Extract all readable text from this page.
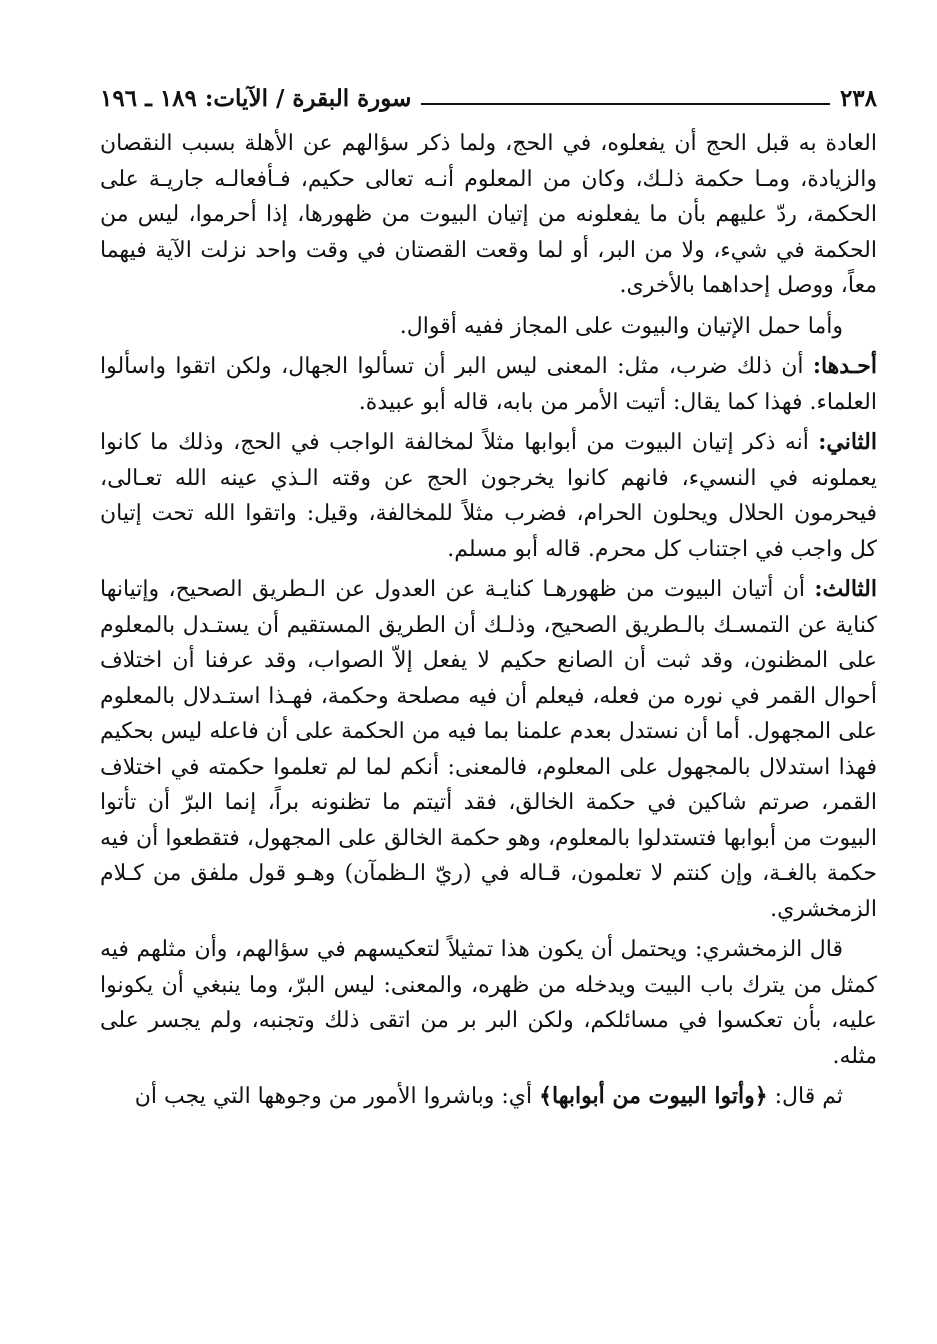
٢٣٨
سورة البقرة / الآيات: ١٨٩ ـ ١٩٦

العادة به قبل الحج أن يفعلوه، في الحج، ولما ذكر سؤالهم عن الأهلة بسبب النقصان والزيادة، ومـا حكمة ذلـك، وكان من المعلوم أنـه تعالى حكيم، فـأفعالـه جاريـة على الحكمة، ردّ عليهم بأن ما يفعلونه من إتيان البيوت من ظهورها، إذا أحرموا، ليس من الحكمة في شيء، ولا من البر، أو لما وقعت القصتان في وقت واحد نزلت الآية فيهما معاً، ووصل إحداهما بالأخرى.

وأما حمل الإتيان والبيوت على المجاز ففيه أقوال.

أحـدها: أن ذلك ضرب، مثل: المعنى ليس البر أن تسألوا الجهال، ولكن اتقوا واسألوا العلماء. فهذا كما يقال: أتيت الأمر من بابه، قاله أبو عبيدة.

الثاني: أنه ذكر إتيان البيوت من أبوابها مثلاً لمخالفة الواجب في الحج، وذلك ما كانوا يعملونه في النسيء، فانهم كانوا يخرجون الحج عن وقته الـذي عينه الله تعـالى، فيحرمون الحلال ويحلون الحرام، فضرب مثلاً للمخالفة، وقيل: واتقوا الله تحت إتيان كل واجب في اجتناب كل محرم. قاله أبو مسلم.

الثالث: أن أتيان البيوت من ظهورهـا كنايـة عن العدول عن الـطريق الصحيح، وإتيانها كناية عن التمسـك بالـطريق الصحيح، وذلـك أن الطريق المستقيم أن يستـدل بالمعلوم على المظنون، وقد ثبت أن الصانع حكيم لا يفعل إلاّ الصواب، وقد عرفنا أن اختلاف أحوال القمر في نوره من فعله، فيعلم أن فيه مصلحة وحكمة، فهـذا استـدلال بالمعلوم على المجهول. أما أن نستدل بعدم علمنا بما فيه من الحكمة على أن فاعله ليس بحكيم فهذا استدلال بالمجهول على المعلوم، فالمعنى: أنكم لما لم تعلموا حكمته في اختلاف القمر، صرتم شاكين في حكمة الخالق، فقد أتيتم ما تظنونه براً، إنما البرّ أن تأتوا البيوت من أبوابها فتستدلوا بالمعلوم، وهو حكمة الخالق على المجهول، فتقطعوا أن فيه حكمة بالغـة، وإن كنتم لا تعلمون، قـاله في (ريّ الـظمآن) وهـو قول ملفق من كـلام الزمخشري.

قال الزمخشري: ويحتمل أن يكون هذا تمثيلاً لتعكيسهم في سؤالهم، وأن مثلهم فيه كمثل من يترك باب البيت ويدخله من ظهره، والمعنى: ليس البرّ، وما ينبغي أن يكونوا عليه، بأن تعكسوا في مسائلكم، ولكن البر بر من اتقى ذلك وتجنبه، ولم يجسر على مثله.

ثم قال: ﴿وأتوا البيوت من أبوابها﴾ أي: وباشروا الأمور من وجوهها التي يجب أن
